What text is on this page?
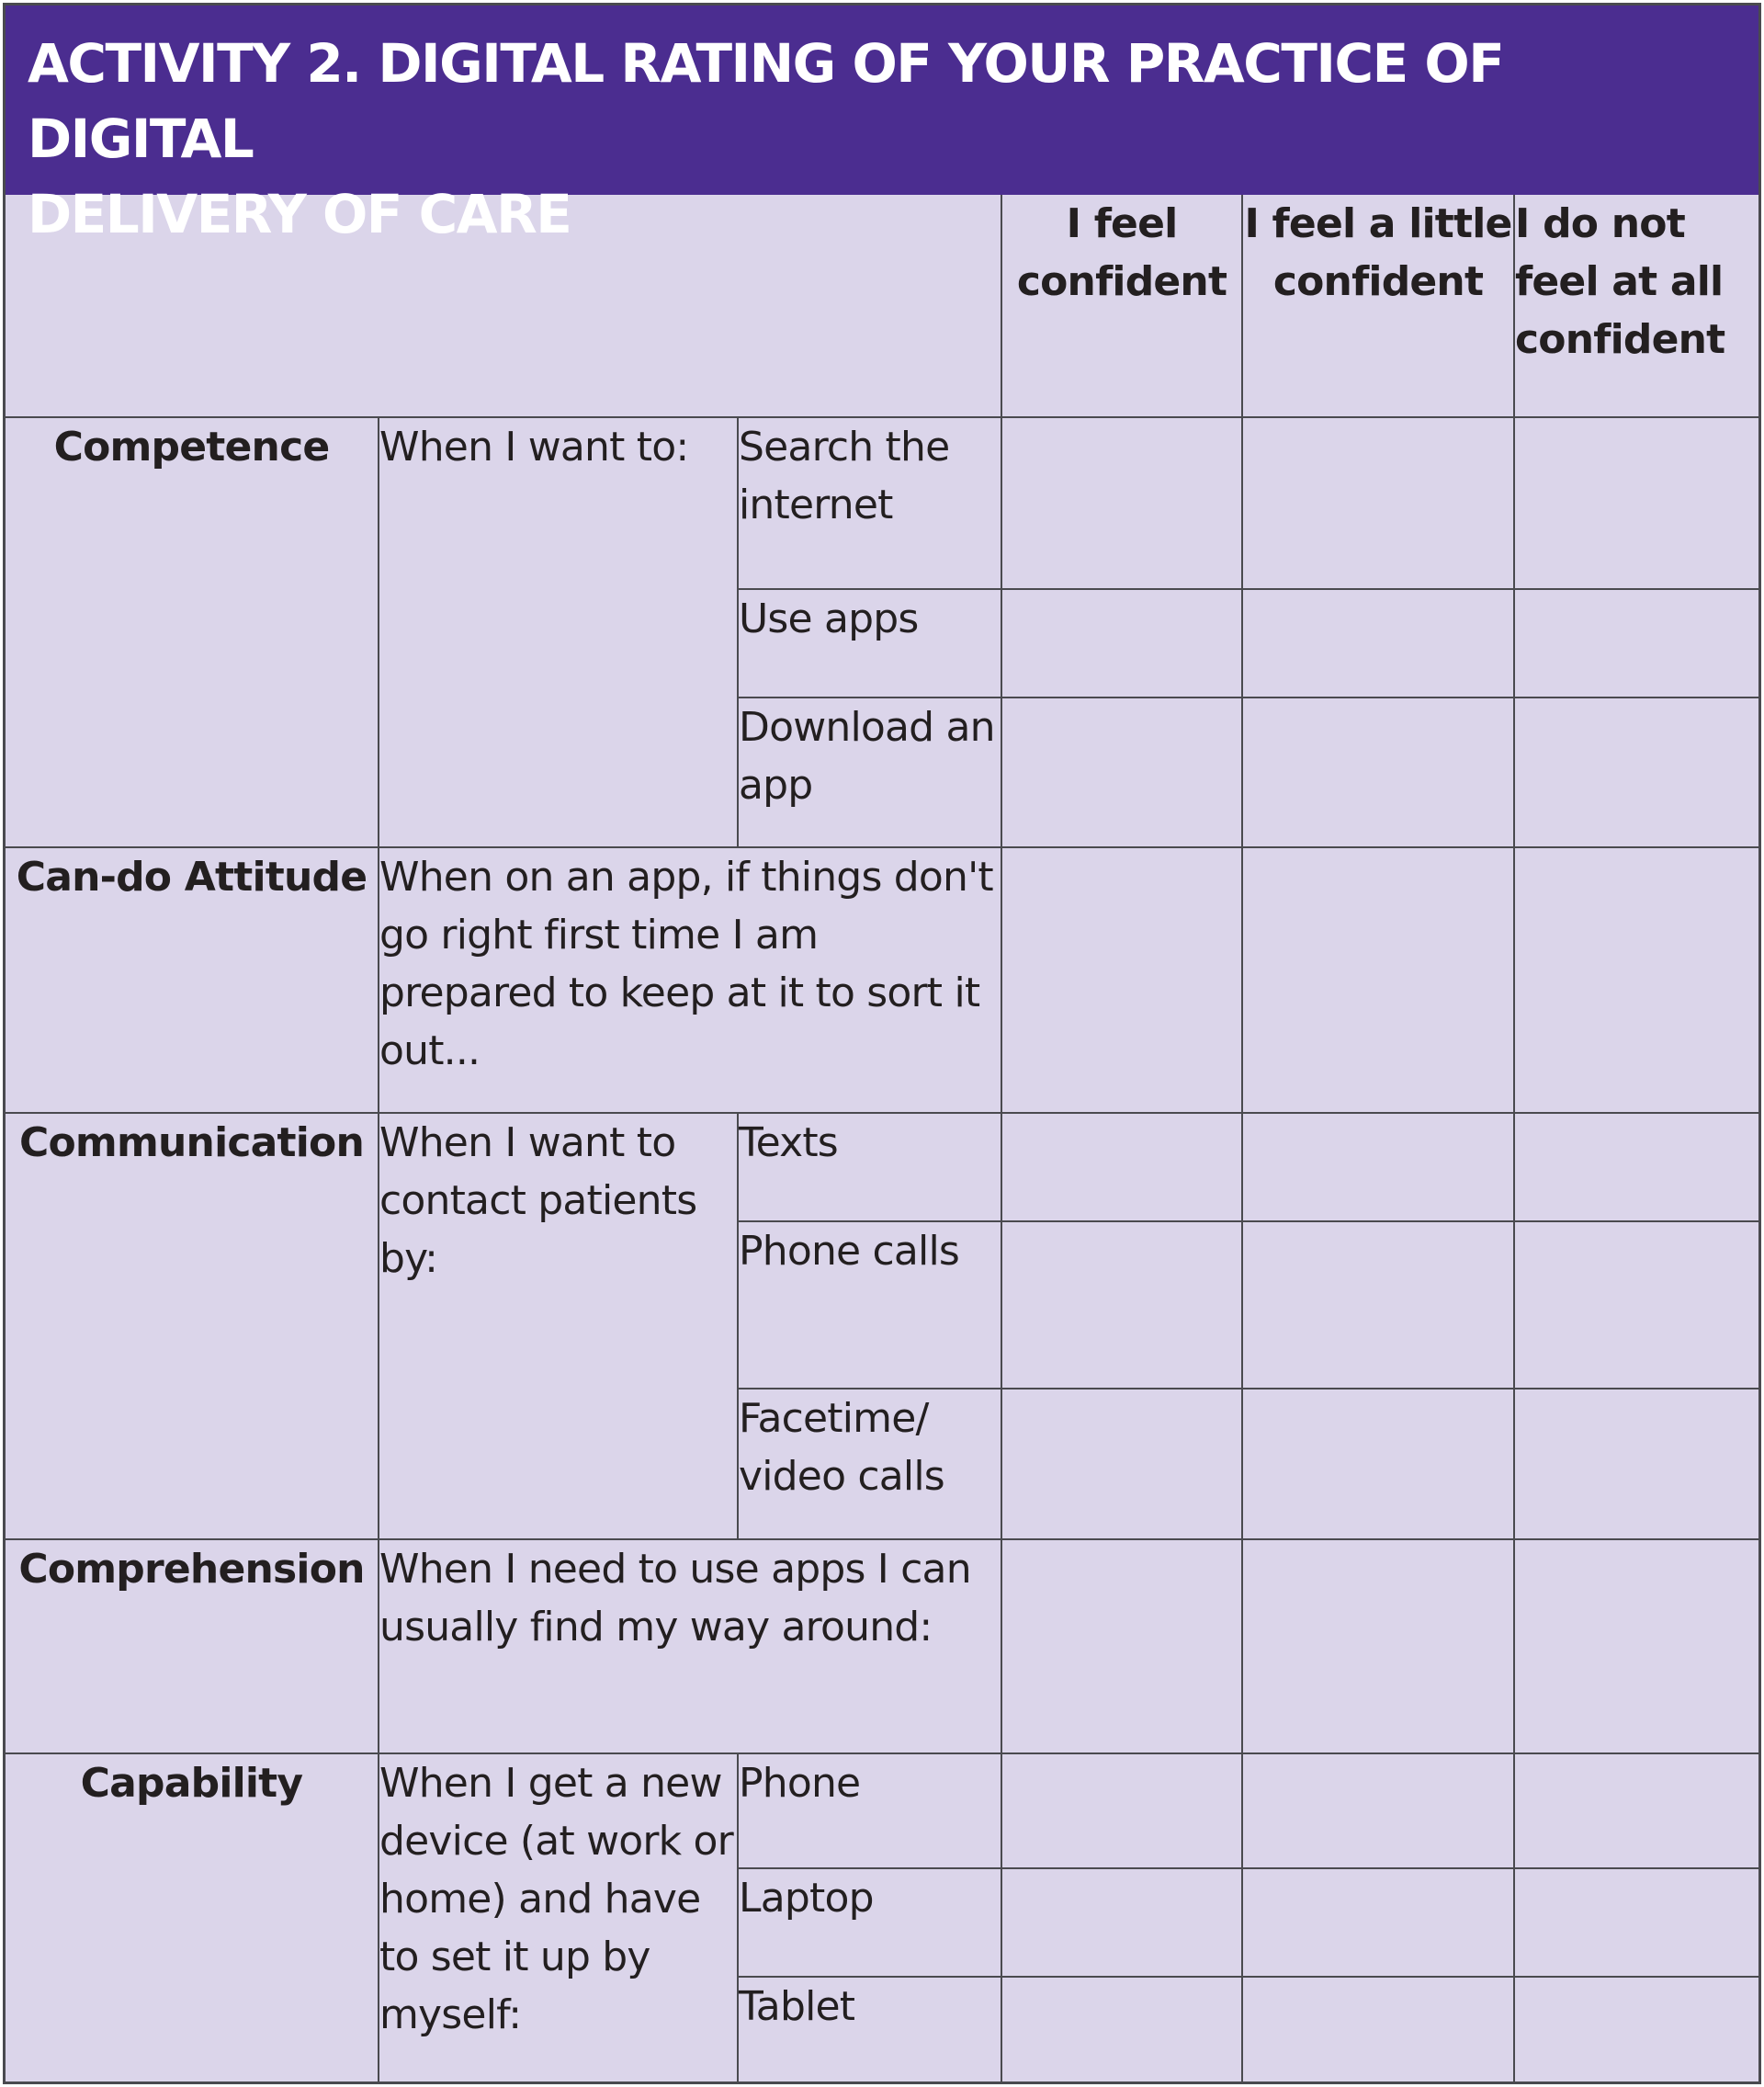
ACTIVITY 2. DIGITAL RATING OF YOUR PRACTICE OF DIGITAL
DELIVERY OF CARE
			I feel confident	I feel a little confident	I do not feel at all confident
Competence	When I want to:	Search the internet			
		Use apps			
		Download an app			
Can-do Attitude	When on an app, if things don't go right first time I am prepared to keep at it to sort it out...				
Communication	When I want to contact patients by:	Texts			
		Phone calls			
		Facetime/ video calls			
Comprehension	When I need to use apps I can usually find my way around:				
Capability	When I get a new device (at work or home) and have to set it up by myself:	Phone			
		Laptop			
		Tablet			
